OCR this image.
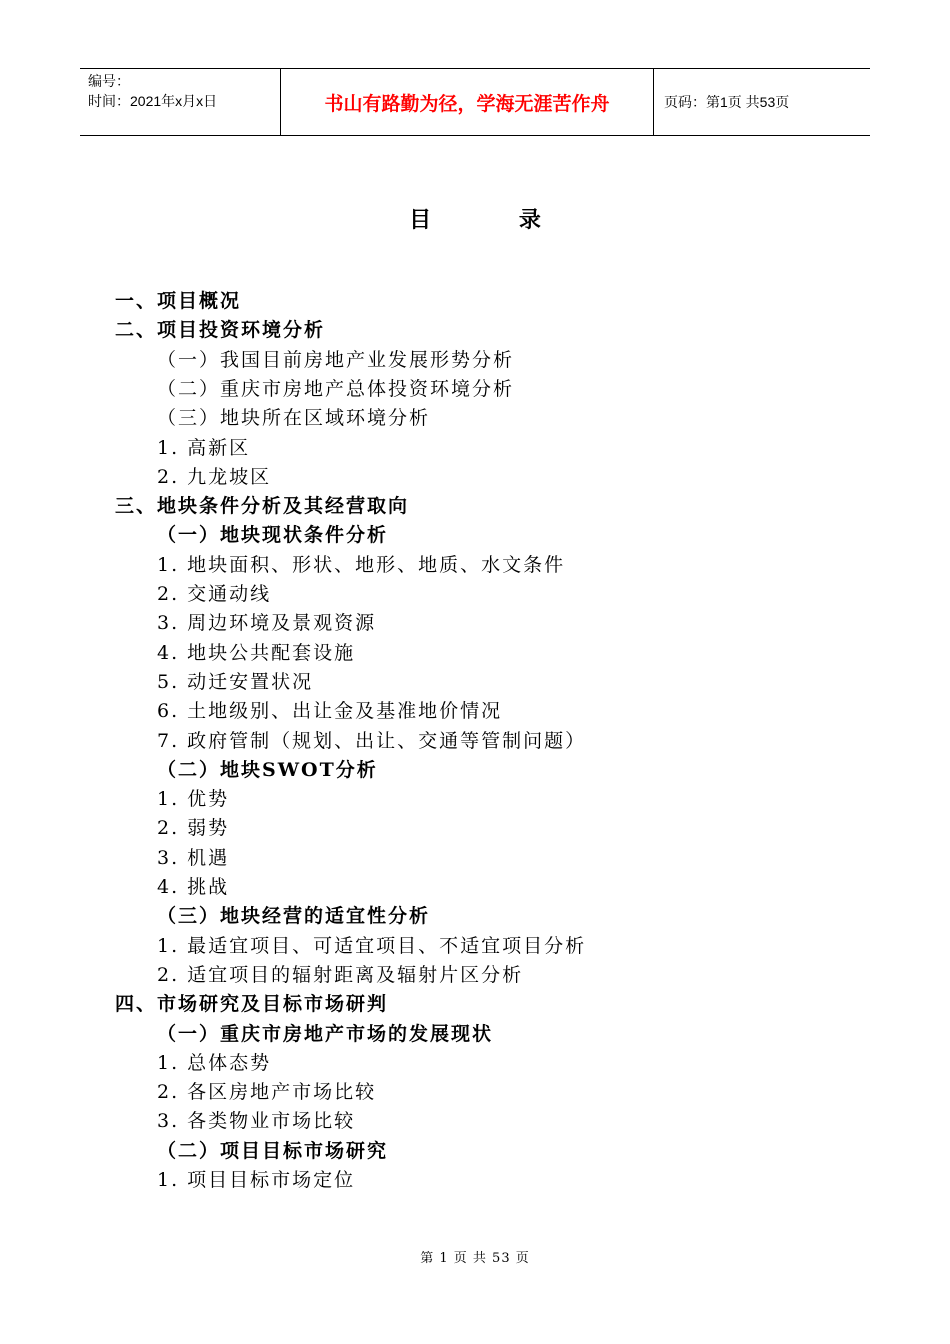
编号：
时间：2021年x月x日	书山有路勤为径，学海无涯苦作舟	页码：第1页 共53页
目 录
一、项目概况
二、项目投资环境分析
（一）我国目前房地产业发展形势分析
（二）重庆市房地产总体投资环境分析
（三）地块所在区域环境分析
1. 高新区
2. 九龙坡区
三、地块条件分析及其经营取向
（一）地块现状条件分析
1. 地块面积、形状、地形、地质、水文条件
2. 交通动线
3. 周边环境及景观资源
4. 地块公共配套设施
5. 动迁安置状况
6. 土地级别、出让金及基准地价情况
7. 政府管制（规划、出让、交通等管制问题）
（二）地块SWOT分析
1. 优势
2. 弱势
3. 机遇
4. 挑战
（三）地块经营的适宜性分析
1. 最适宜项目、可适宜项目、不适宜项目分析
2. 适宜项目的辐射距离及辐射片区分析
四、市场研究及目标市场研判
（一）重庆市房地产市场的发展现状
1. 总体态势
2. 各区房地产市场比较
3. 各类物业市场比较
（二）项目目标市场研究
1. 项目目标市场定位
第 1 页 共 53 页
